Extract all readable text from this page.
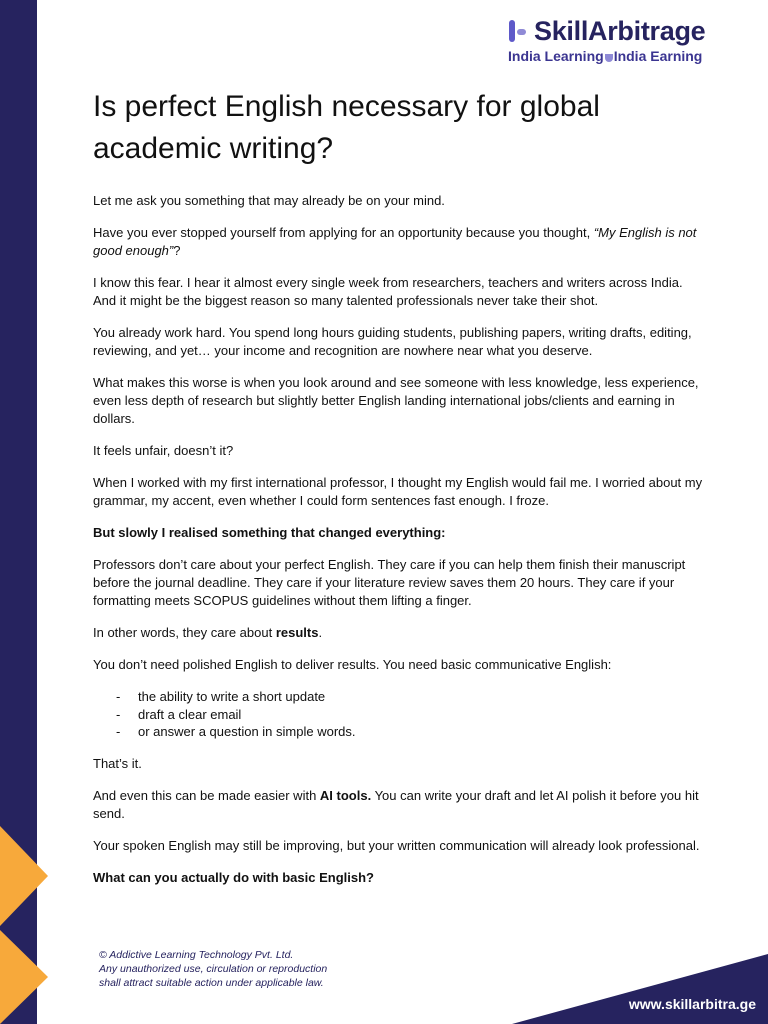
SkillArbitrage
India Learning India Earning
Is perfect English necessary for global academic writing?

Let me ask you something that may already be on your mind.

Have you ever stopped yourself from applying for an opportunity because you thought, “My English is not good enough”?

I know this fear. I hear it almost every single week from researchers, teachers and writers across India. And it might be the biggest reason so many talented professionals never take their shot.

You already work hard. You spend long hours guiding students, publishing papers, writing drafts, editing, reviewing, and yet… your income and recognition are nowhere near what you deserve.

What makes this worse is when you look around and see someone with less knowledge, less experience, even less depth of research but slightly better English landing international jobs/clients and earning in dollars.

It feels unfair, doesn’t it?

When I worked with my first international professor, I thought my English would fail me. I worried about my grammar, my accent, even whether I could form sentences fast enough. I froze.

But slowly I realised something that changed everything:

Professors don’t care about your perfect English. They care if you can help them finish their manuscript before the journal deadline. They care if your literature review saves them 20 hours. They care if your formatting meets SCOPUS guidelines without them lifting a finger.

In other words, they care about results.

You don’t need polished English to deliver results. You need basic communicative English:

- the ability to write a short update
- draft a clear email
- or answer a question in simple words.

That’s it.

And even this can be made easier with AI tools. You can write your draft and let AI polish it before you hit send.

Your spoken English may still be improving, but your written communication will already look professional.

What can you actually do with basic English?

© Addictive Learning Technology Pvt. Ltd.
Any unauthorized use, circulation or reproduction
shall attract suitable action under applicable law.
www.skillarbitra.ge
